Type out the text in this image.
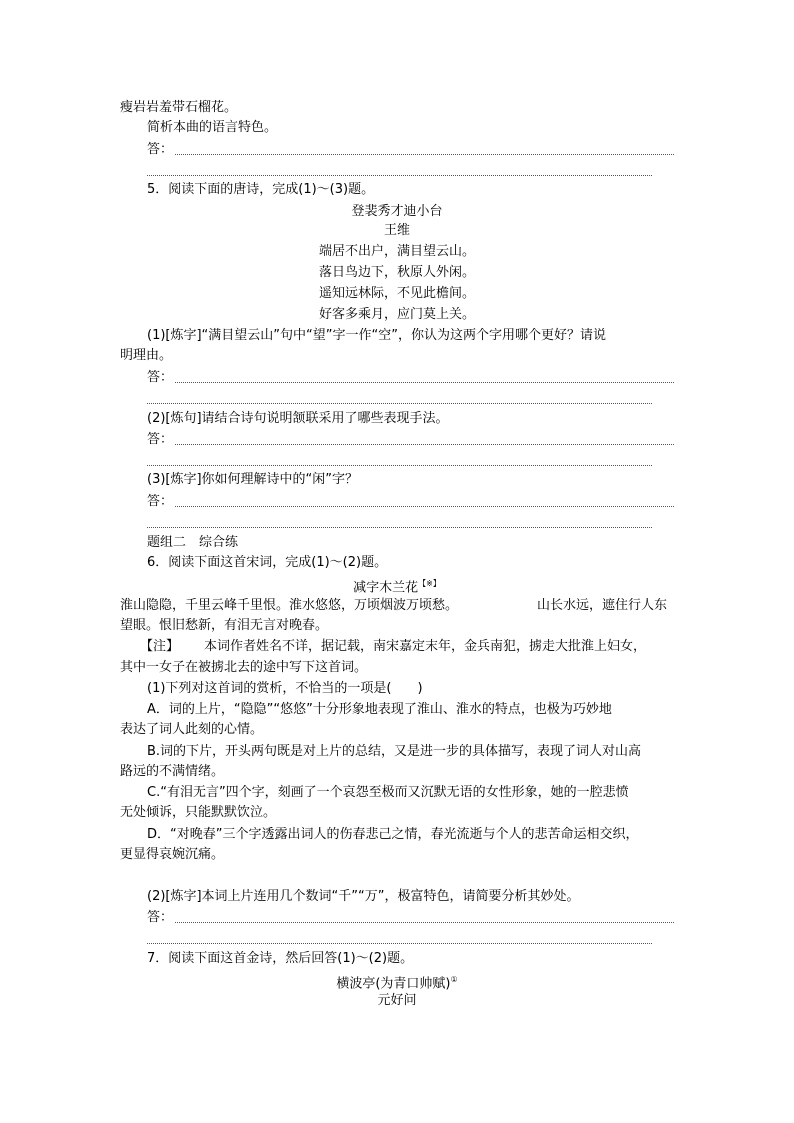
瘦岩岩羞带石榴花。
简析本曲的语言特色。
答：
5．阅读下面的唐诗，完成(1)～(3)题。
登裴秀才迪小台
王维
端居不出户，满目望云山。
落日鸟边下，秋原人外闲。
遥知远林际，不见此檐间。
好客多乘月，应门莫上关。
(1)[炼字]“满目望云山”句中“望”字一作“空”，你认为这两个字用哪个更好？请说
明理由。
答：
(2)[炼句]请结合诗句说明颔联采用了哪些表现手法。
答：
(3)[炼字]你如何理解诗中的“闲”字？
答：
题组二　综合练
6．阅读下面这首宋词，完成(1)～(2)题。
减字木兰花【※】
淮山隐隐，千里云峰千里恨。淮水悠悠，万顷烟波万顷愁。	山长水远，遮住行人东
望眼。恨旧愁新，有泪无言对晚春。
【注】 本词作者姓名不详，据记载，南宋嘉定末年，金兵南犯，掳走大批淮上妇女，
其中一女子在被掳北去的途中写下这首词。
(1)下列对这首词的赏析，不恰当的一项是(　　)
A．词的上片，“隐隐”“悠悠”十分形象地表现了淮山、淮水的特点，也极为巧妙地
表达了词人此刻的心情。
B.词的下片，开头两句既是对上片的总结，又是进一步的具体描写，表现了词人对山高
路远的不满情绪。
C.“有泪无言”四个字，刻画了一个哀怨至极而又沉默无语的女性形象，她的一腔悲愤
无处倾诉，只能默默饮泣。
D．“对晚春”三个字透露出词人的伤春悲己之情，春光流逝与个人的悲苦命运相交织，
更显得哀婉沉痛。
(2)[炼字]本词上片连用几个数词“千”“万”，极富特色，请简要分析其妙处。
答：
7．阅读下面这首金诗，然后回答(1)～(2)题。
横波亭(为青口帅赋)①
元好问
